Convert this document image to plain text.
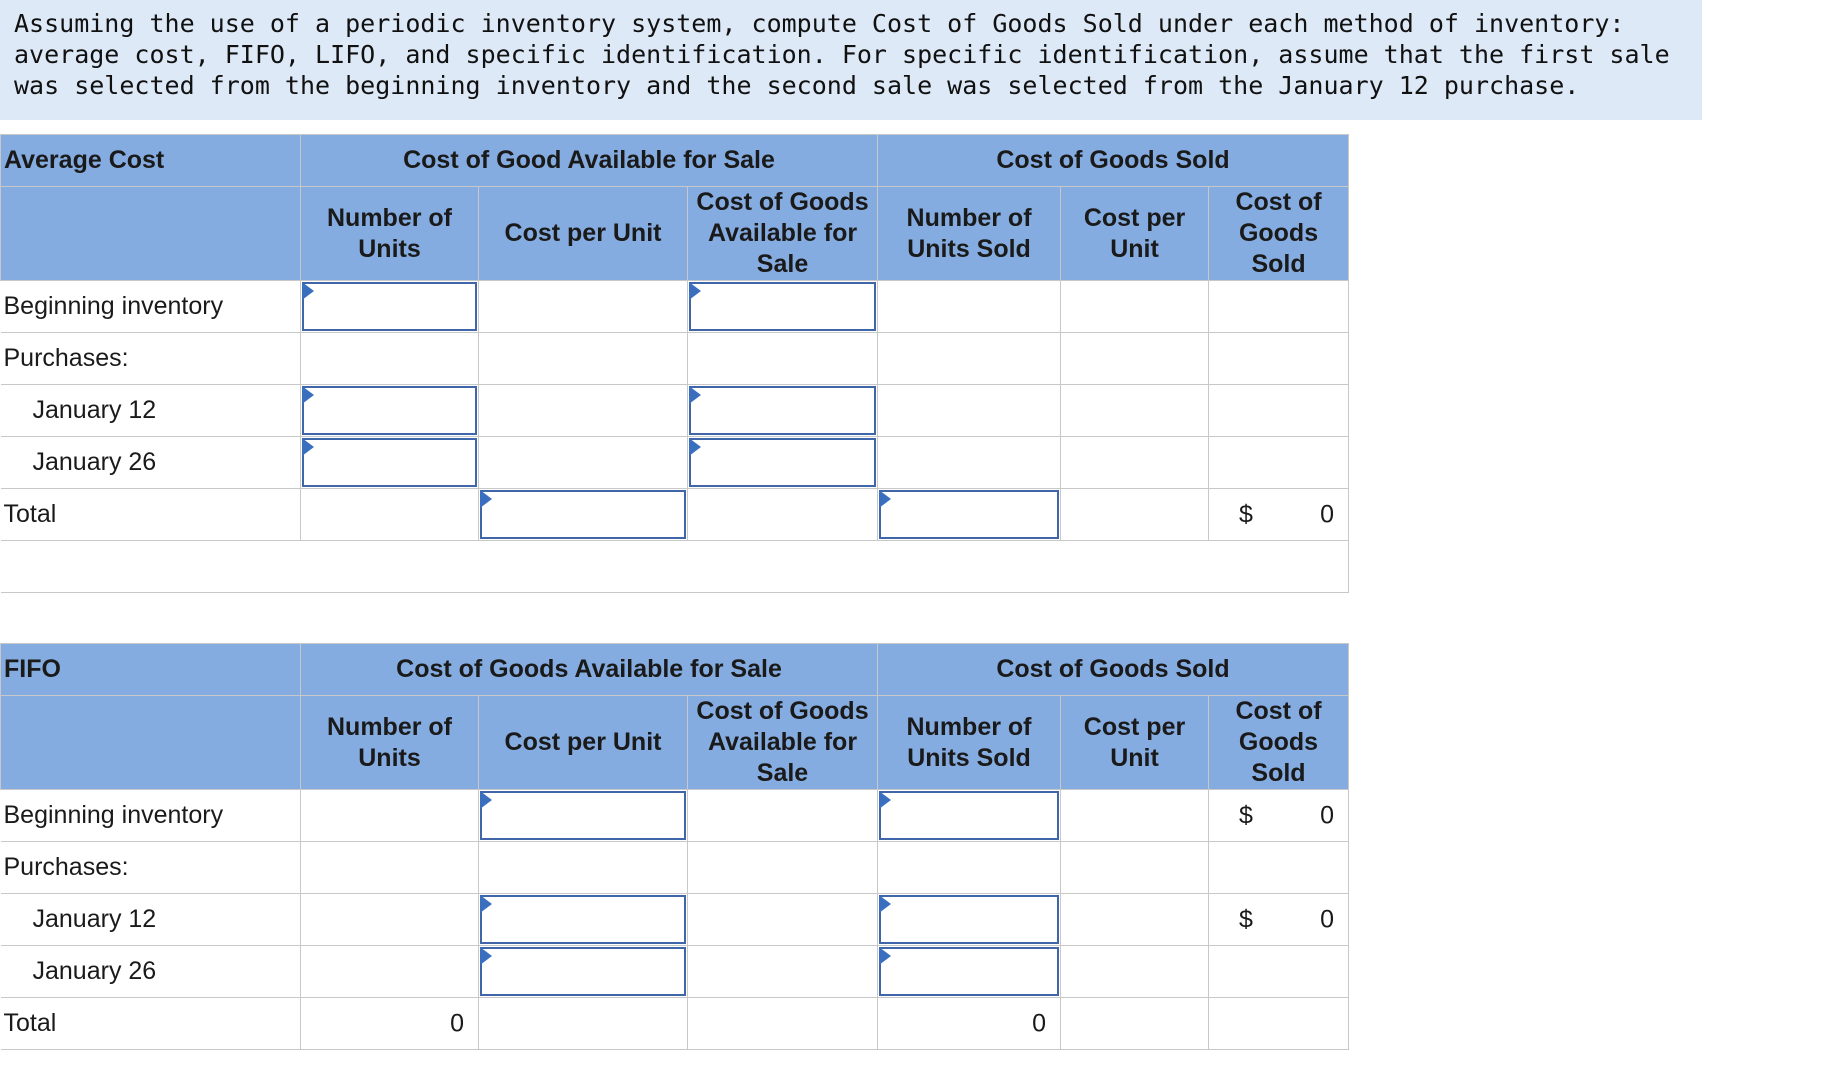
Assuming the use of a periodic inventory system, compute Cost of Goods Sold under each method of inventory: average cost, FIFO, LIFO, and specific identification. For specific identification, assume that the first sale was selected from the beginning inventory and the second sale was selected from the January 12 purchase.
Average Cost	Cost of Good Available for Sale			Cost of Goods Sold		
	Number of Units	Cost per Unit	Cost of Goods Available for Sale	Number of Units Sold	Cost per Unit	Cost of Goods Sold
Beginning inventory	

Purchases:						
January 12	

January 26	

Total						$ 0

FIFO	Cost of Goods Available for Sale			Cost of Goods Sold		
	Number of Units	Cost per Unit	Cost of Goods Available for Sale	Number of Units Sold	Cost per Unit	Cost of Goods Sold
Beginning inventory						$ 0

Purchases:						
January 12						$ 0

January 26		

Total	0			0		
